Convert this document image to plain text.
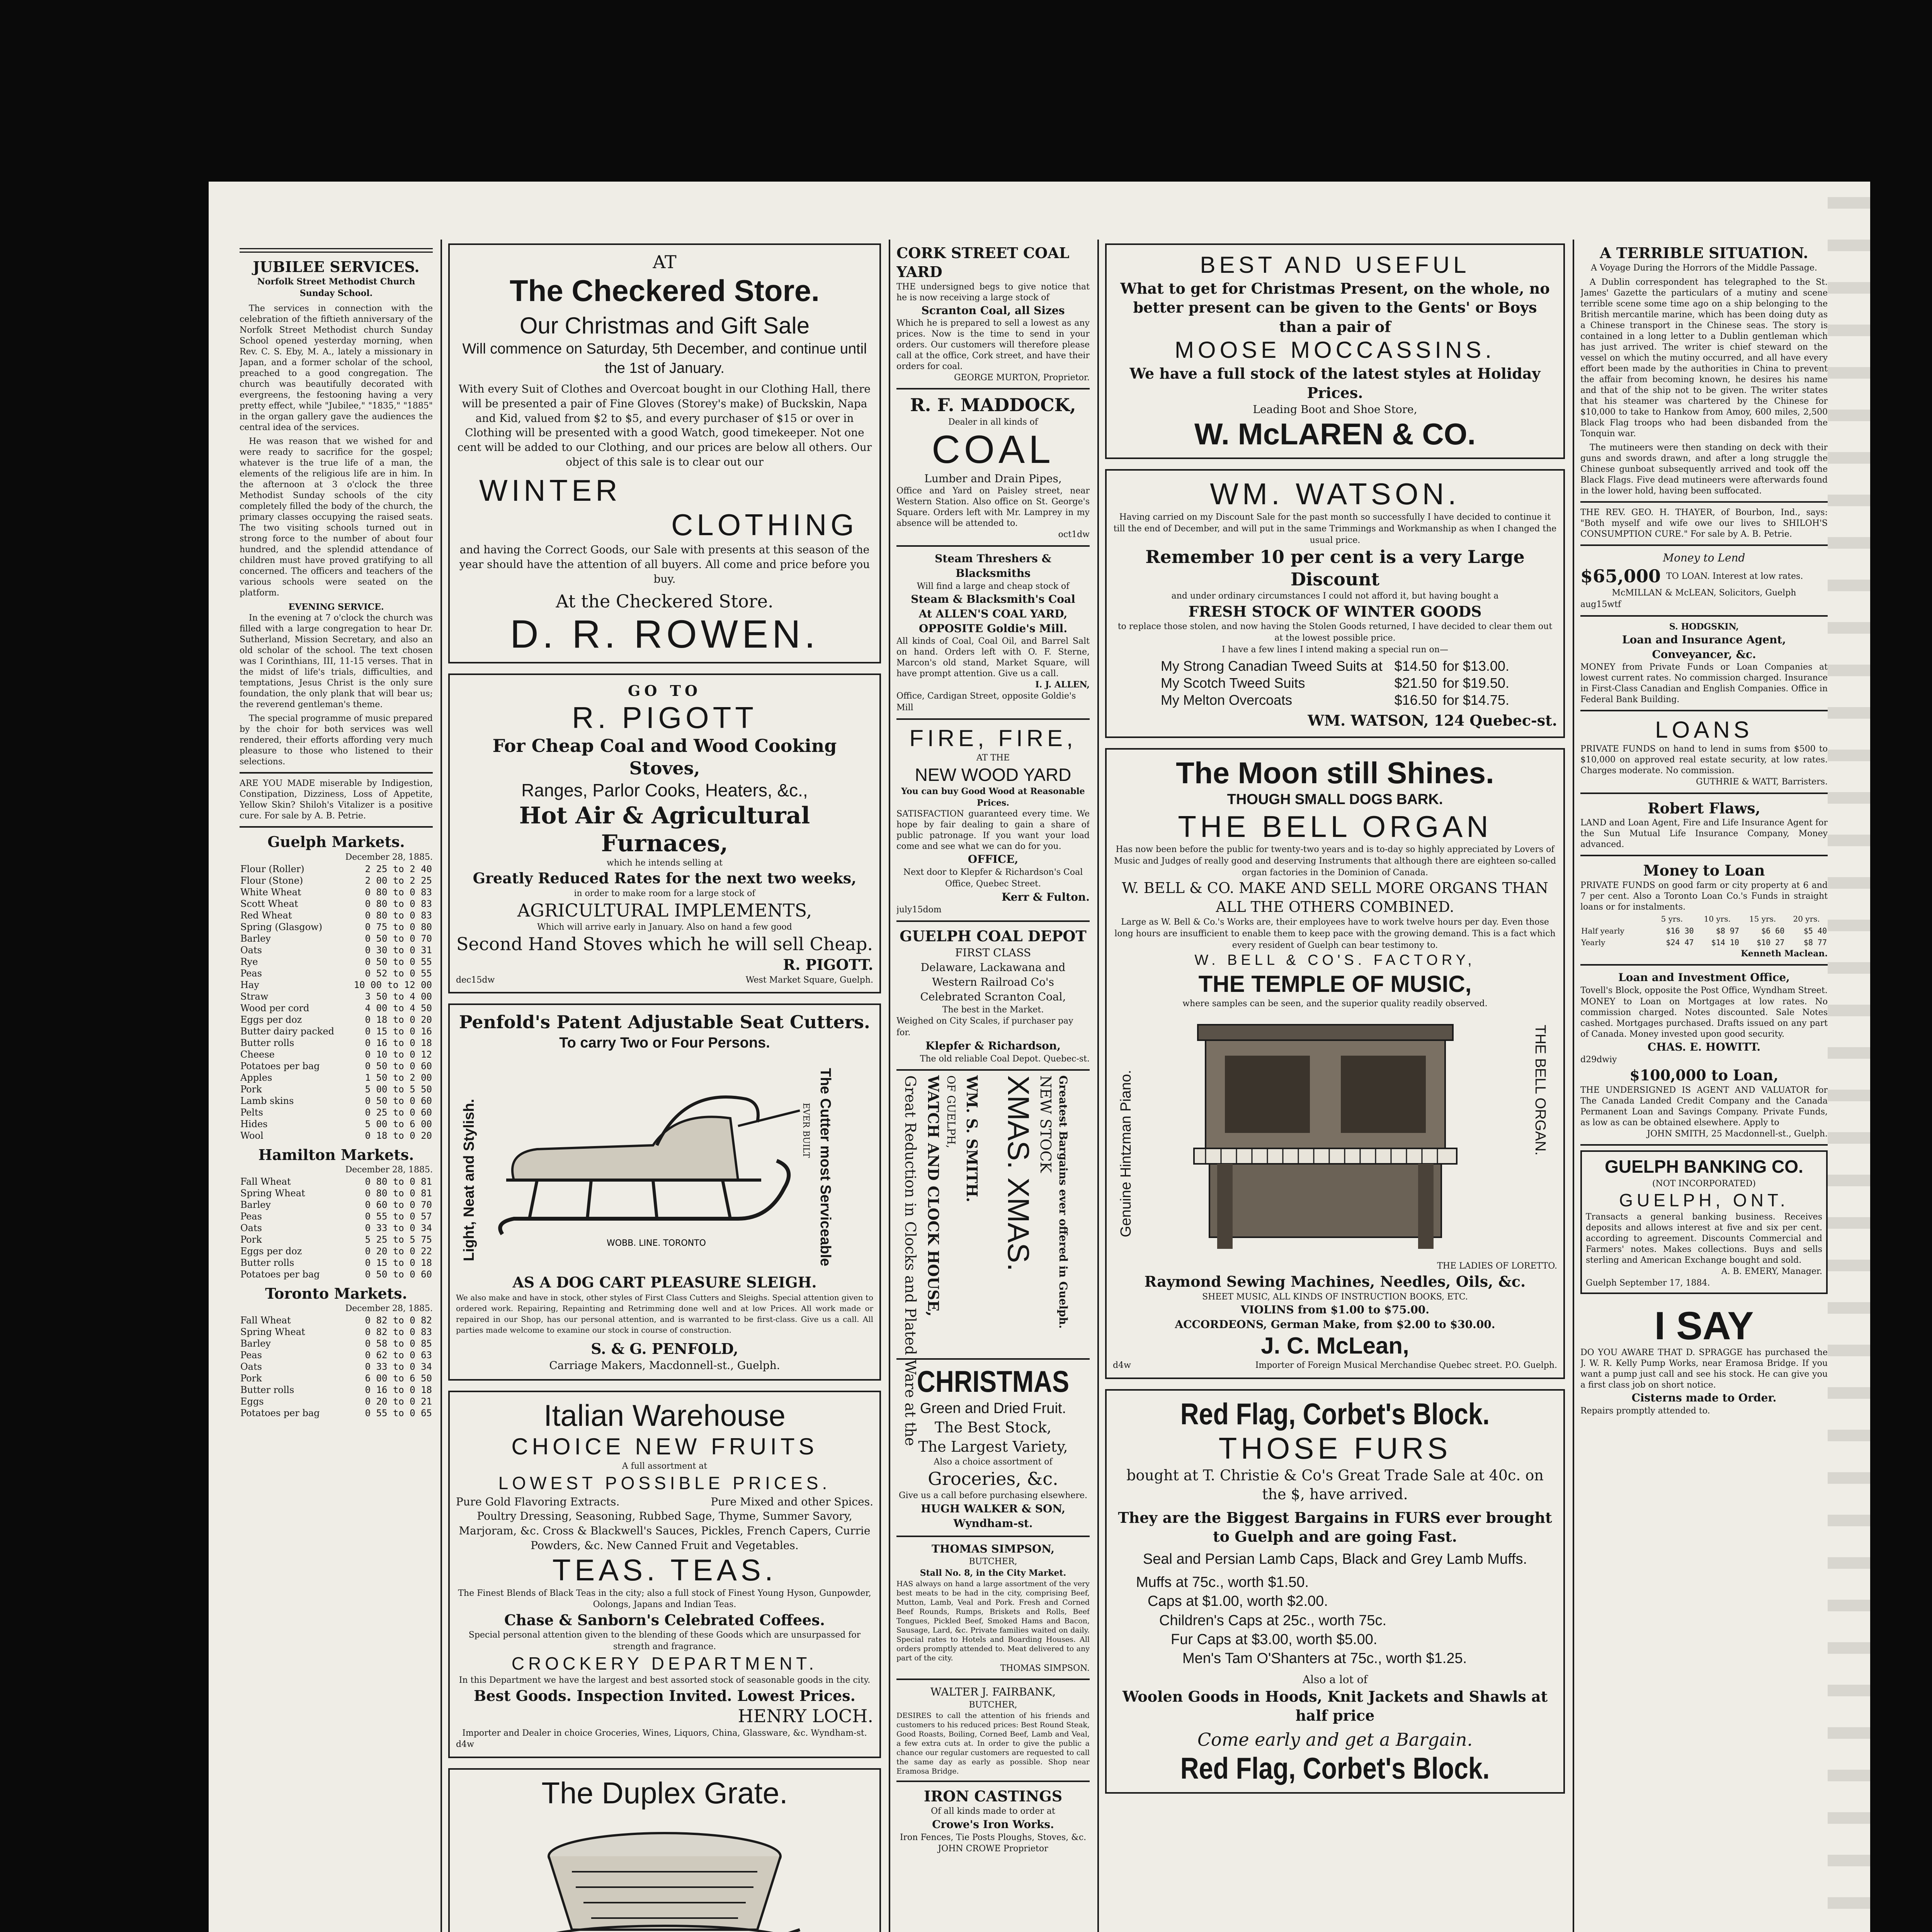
JUBILEE SERVICES.
Norfolk Street Methodist Church Sunday School.

The services in connection with the celebration of the fiftieth anniversary of the Norfolk Street Methodist church Sunday School opened yesterday morning, when Rev. C. S. Eby, M. A., lately a missionary in Japan, and a former scholar of the school, preached to a good congregation. The church was beautifully decorated with evergreens, the festooning having a very pretty effect, while "Jubilee," "1835," "1885" in the organ gallery gave the audiences the central idea of the services.

He was reason that we wished for and were ready to sacrifice for the gospel; whatever is the true life of a man, the elements of the religious life are in him. In the afternoon at 3 o'clock the three Methodist Sunday schools of the city completely filled the body of the church, the primary classes occupying the raised seats. The two visiting schools turned out in strong force to the number of about four hundred, and the splendid attendance of children must have proved gratifying to all concerned. The officers and teachers of the various schools were seated on the platform.

EVENING SERVICE.

In the evening at 7 o'clock the church was filled with a large congregation to hear Dr. Sutherland, Mission Secretary, and also an old scholar of the school. The text chosen was I Corinthians, III, 11-15 verses. That in the midst of life's trials, difficulties, and temptations, Jesus Christ is the only sure foundation, the only plank that will bear us; the reverend gentleman's theme.

The special programme of music prepared by the choir for both services was well rendered, their efforts affording very much pleasure to those who listened to their selections.

ARE YOU MADE miserable by Indigestion, Constipation, Dizziness, Loss of Appetite, Yellow Skin? Shiloh's Vitalizer is a positive cure. For sale by A. B. Petrie.
Guelph Markets.
December 28, 1885.
Flour (Roller)	2 25 to 2 40
Flour (Stone)	2 00 to 2 25
White Wheat	0 80 to 0 83
Scott Wheat	0 80 to 0 83
Red Wheat	0 80 to 0 83
Spring (Glasgow)	0 75 to 0 80
Barley	0 50 to 0 70
Oats	0 30 to 0 31
Rye	0 50 to 0 55
Peas	0 52 to 0 55
Hay	10 00 to 12 00
Straw	3 50 to 4 00
Wood per cord	4 00 to 4 50
Eggs per doz	0 18 to 0 20
Butter dairy packed	0 15 to 0 16
Butter rolls	0 16 to 0 18
Cheese	0 10 to 0 12
Potatoes per bag	0 50 to 0 60
Apples	1 50 to 2 00
Pork	5 00 to 5 50
Lamb skins	0 50 to 0 60
Pelts	0 25 to 0 60
Hides	5 00 to 6 00
Wool	0 18 to 0 20
Hamilton Markets.
December 28, 1885.
Fall Wheat	0 80 to 0 81
Spring Wheat	0 80 to 0 81
Barley	0 60 to 0 70
Peas	0 55 to 0 57
Oats	0 33 to 0 34
Pork	5 25 to 5 75
Eggs per doz	0 20 to 0 22
Butter rolls	0 15 to 0 18
Potatoes per bag	0 50 to 0 60
Toronto Markets.
December 28, 1885.
Fall Wheat	0 82 to 0 82
Spring Wheat	0 82 to 0 83
Barley	0 58 to 0 85
Peas	0 62 to 0 63
Oats	0 33 to 0 34
Pork	6 00 to 6 50
Butter rolls	0 16 to 0 18
Eggs	0 20 to 0 21
Potatoes per bag	0 55 to 0 65
AT
The Checkered Store.
Our Christmas and Gift Sale
Will commence on Saturday, 5th December, and continue until the 1st of January.
With every Suit of Clothes and Overcoat bought in our Clothing Hall, there will be presented a pair of Fine Gloves (Storey's make) of Buckskin, Napa and Kid, valued from $2 to $5, and every purchaser of $15 or over in Clothing will be presented with a good Watch, good timekeeper. Not one cent will be added to our Clothing, and our prices are below all others. Our object of this sale is to clear out our
WINTER
CLOTHING
and having the Correct Goods, our Sale with presents at this season of the year should have the attention of all buyers. All come and price before you buy.
At the Checkered Store.
D. R. ROWEN.
GO TO
R. PIGOTT
For Cheap Coal and Wood Cooking Stoves,
Ranges, Parlor Cooks, Heaters, &c.,
Hot Air & Agricultural Furnaces,
which he intends selling at
Greatly Reduced Rates for the next two weeks,
in order to make room for a large stock of
AGRICULTURAL IMPLEMENTS,
Which will arrive early in January. Also on hand a few good
Second Hand Stoves which he will sell Cheap.
dec15dw
R. PIGOTT.
West Market Square, Guelph.
Penfold's Patent Adjustable Seat Cutters.
To carry Two or Four Persons.
Light, Neat and Stylish.	WOBB. LINE. TORONTO	The Cutter most Serviceable
EVER BUILT
AS A DOG CART PLEASURE SLEIGH.
We also make and have in stock, other styles of First Class Cutters and Sleighs. Special attention given to ordered work. Repairing, Repainting and Retrimming done well and at low Prices. All work made or repaired in our Shop, has our personal attention, and is warranted to be first-class. Give us a call. All parties made welcome to examine our stock in course of construction.
S. & G. PENFOLD,
Carriage Makers, Macdonnell-st., Guelph.
Italian Warehouse
CHOICE NEW FRUITS
A full assortment at
LOWEST POSSIBLE PRICES.
Pure Gold Flavoring Extracts.	Pure Mixed and other Spices.
Poultry Dressing, Seasoning, Rubbed Sage, Thyme, Summer Savory, Marjoram, &c. Cross & Blackwell's Sauces, Pickles, French Capers, Currie Powders, &c. New Canned Fruit and Vegetables.
TEAS. TEAS.
The Finest Blends of Black Teas in the city; also a full stock of Finest Young Hyson, Gunpowder, Oolongs, Japans and Indian Teas.
Chase & Sanborn's Celebrated Coffees.
Special personal attention given to the blending of these Goods which are unsurpassed for strength and fragrance.
CROCKERY DEPARTMENT.
In this Department we have the largest and best assorted stock of seasonable goods in the city.
Best Goods. Inspection Invited. Lowest Prices.
HENRY LOCH.
Importer and Dealer in choice Groceries, Wines, Liquors, China, Glassware, &c. Wyndham-st.
d4w
The Duplex Grate.
CORK STREET COAL YARD
THE undersigned begs to give notice that he is now receiving a large stock of
Scranton Coal, all Sizes
Which he is prepared to sell a lowest as any prices. Now is the time to send in your orders. Our customers will therefore please call at the office, Cork street, and have their orders for coal.
GEORGE MURTON, Proprietor.
R. F. MADDOCK,
Dealer in all kinds of
COAL
Lumber and Drain Pipes,
Office and Yard on Paisley street, near Western Station. Also office on St. George's Square. Orders left with Mr. Lamprey in my absence will be attended to.
oct1dw
Steam Threshers & Blacksmiths
Will find a large and cheap stock of
Steam & Blacksmith's Coal
At ALLEN'S COAL YARD, OPPOSITE Goldie's Mill.
All kinds of Coal, Coal Oil, and Barrel Salt on hand. Orders left with O. F. Sterne, Marcon's old stand, Market Square, will have prompt attention. Give us a call.
I. J. ALLEN,
Office, Cardigan Street, opposite Goldie's Mill
FIRE, FIRE,
AT THE
NEW WOOD YARD
You can buy Good Wood at Reasonable Prices.
SATISFACTION guaranteed every time. We hope by fair dealing to gain a share of public patronage. If you want your load come and see what we can do for you.
OFFICE,
Next door to Klepfer & Richardson's Coal Office, Quebec Street.
Kerr & Fulton.
july15dom
GUELPH COAL DEPOT
FIRST CLASS
Delaware, Lackawana and Western Railroad Co's
Celebrated Scranton Coal,
The best in the Market.
Weighed on City Scales, if purchaser pay for.
Klepfer & Richardson,
The old reliable Coal Depot. Quebec-st.
Great Reduction in Clocks and Plated Ware at the WATCH AND CLOCK HOUSE, OF GUELPH, WM. S. SMITH. XMAS. XMAS. NEW STOCK Greatest Bargains ever offered in Guelph.
CHRISTMAS
Green and Dried Fruit.
The Best Stock,
The Largest Variety,
Also a choice assortment of
Groceries, &c.
Give us a call before purchasing elsewhere.
HUGH WALKER & SON,
Wyndham-st.
THOMAS SIMPSON,
BUTCHER,
Stall No. 8, in the City Market.
HAS always on hand a large assortment of the very best meats to be had in the city, comprising Beef, Mutton, Lamb, Veal and Pork. Fresh and Corned Beef Rounds, Rumps, Briskets and Rolls, Beef Tongues, Pickled Beef, Smoked Hams and Bacon, Sausage, Lard, &c. Private families waited on daily. Special rates to Hotels and Boarding Houses. All orders promptly attended to. Meat delivered to any part of the city.
THOMAS SIMPSON.
WALTER J. FAIRBANK,
BUTCHER,
DESIRES to call the attention of his friends and customers to his reduced prices: Best Round Steak, Good Roasts, Boiling, Corned Beef, Lamb and Veal, a few extra cuts at. In order to give the public a chance our regular customers are requested to call the same day as early as possible. Shop near Eramosa Bridge.
IRON CASTINGS
Of all kinds made to order at
Crowe's Iron Works.
Iron Fences, Tie Posts Ploughs, Stoves, &c.
JOHN CROWE Proprietor
BEST AND USEFUL
What to get for Christmas Present, on the whole, no better present can be given to the Gents' or Boys than a pair of
MOOSE MOCCASSINS.
We have a full stock of the latest styles at Holiday Prices.
Leading Boot and Shoe Store,
W. McLAREN & CO.
WM. WATSON.
Having carried on my Discount Sale for the past month so successfully I have decided to continue it till the end of December, and will put in the same Trimmings and Workmanship as when I changed the usual price.
Remember 10 per cent is a very Large Discount
and under ordinary circumstances I could not afford it, but having bought a
FRESH STOCK OF WINTER GOODS
to replace those stolen, and now having the Stolen Goods returned, I have decided to clear them out at the lowest possible price.
I have a few lines I intend making a special run on—
My Strong Canadian Tweed Suits at	$14.50	for $13.00.
My Scotch Tweed Suits	$21.50	for $19.50.
My Melton Overcoats	$16.50	for $14.75.
WM. WATSON, 124 Quebec-st.
The Moon still Shines.
THOUGH SMALL DOGS BARK.
THE BELL ORGAN
Has now been before the public for twenty-two years and is to-day so highly appreciated by Lovers of Music and Judges of really good and deserving Instruments that although there are eighteen so-called organ factories in the Dominion of Canada.
W. BELL & CO. MAKE AND SELL MORE ORGANS THAN ALL THE OTHERS COMBINED.
Large as W. Bell & Co.'s Works are, their employees have to work twelve hours per day. Even those long hours are insufficient to enable them to keep pace with the growing demand. This is a fact which every resident of Guelph can bear testimony to.
W. BELL & CO'S. FACTORY,
THE TEMPLE OF MUSIC,
where samples can be seen, and the superior quality readily observed.
Genuine Hintzman Piano.	THE BELL ORGAN.
THE LADIES OF LORETTO.
Raymond Sewing Machines, Needles, Oils, &c.
SHEET MUSIC, ALL KINDS OF INSTRUCTION BOOKS, ETC.
VIOLINS from $1.00 to $75.00.
ACCORDEONS, German Make, from $2.00 to $30.00.
J. C. McLean,
d4w	Importer of Foreign Musical Merchandise Quebec street. P.O. Guelph.
Red Flag, Corbet's Block.
THOSE FURS
bought at T. Christie & Co's Great Trade Sale at 40c. on the $, have arrived.
They are the Biggest Bargains in FURS ever brought to Guelph and are going Fast.
Seal and Persian Lamb Caps, Black and Grey Lamb Muffs.
Muffs at 75c., worth $1.50.
Caps at $1.00, worth $2.00.
Children's Caps at 25c., worth 75c.
Fur Caps at $3.00, worth $5.00.
Men's Tam O'Shanters at 75c., worth $1.25.
Also a lot of
Woolen Goods in Hoods, Knit Jackets and Shawls at half price
Come early and get a Bargain.
Red Flag, Corbet's Block.
A TERRIBLE SITUATION.
A Voyage During the Horrors of the Middle Passage.

A Dublin correspondent has telegraphed to the St. James' Gazette the particulars of a mutiny and scene terrible scene some time ago on a ship belonging to the British mercantile marine, which has been doing duty as a Chinese transport in the Chinese seas. The story is contained in a long letter to a Dublin gentleman which has just arrived. The writer is chief steward on the vessel on which the mutiny occurred, and all have every effort been made by the authorities in China to prevent the affair from becoming known, he desires his name and that of the ship not to be given. The writer states that his steamer was chartered by the Chinese for $10,000 to take to Hankow from Amoy, 600 miles, 2,500 Black Flag troops who had been disbanded from the Tonquin war.

The mutineers were then standing on deck with their guns and swords drawn, and after a long struggle the Chinese gunboat subsequently arrived and took off the Black Flags. Five dead mutineers were afterwards found in the lower hold, having been suffocated.

THE REV. GEO. H. THAYER, of Bourbon, Ind., says: "Both myself and wife owe our lives to SHILOH'S CONSUMPTION CURE." For sale by A. B. Petrie.
Money to Lend
$65,000 TO LOAN. Interest at low rates.
McMILLAN & McLEAN, Solicitors, Guelph
aug15wtf
S. HODGSKIN,
Loan and Insurance Agent, Conveyancer, &c.
MONEY from Private Funds or Loan Companies at lowest current rates. No commission charged. Insurance in First-Class Canadian and English Companies. Office in Federal Bank Building.
LOANS
PRIVATE FUNDS on hand to lend in sums from $500 to $10,000 on approved real estate security, at low rates. Charges moderate. No commission.
GUTHRIE & WATT, Barristers.
Robert Flaws,
LAND and Loan Agent, Fire and Life Insurance Agent for the Sun Mutual Life Insurance Company, Money advanced.
Money to Loan
PRIVATE FUNDS on good farm or city property at 6 and 7 per cent. Also a Toronto Loan Co.'s Funds in straight loans or for instalments.
	5 yrs.	10 yrs.	15 yrs.	20 yrs.
Half yearly	$16 30	$8 97	$6 60	$5 40
Yearly	$24 47	$14 10	$10 27	$8 77
Kenneth Maclean.
Loan and Investment Office,
Tovell's Block, opposite the Post Office, Wyndham Street.
MONEY to Loan on Mortgages at low rates. No commission charged. Notes discounted. Sale Notes cashed. Mortgages purchased. Drafts issued on any part of Canada. Money invested upon good security.
CHAS. E. HOWITT.
d29dwiy
$100,000 to Loan,
THE UNDERSIGNED IS AGENT AND VALUATOR for The Canada Landed Credit Company and the Canada Permanent Loan and Savings Company. Private Funds, as low as can be obtained elsewhere. Apply to
JOHN SMITH, 25 Macdonnell-st., Guelph.
GUELPH BANKING CO.
(NOT INCORPORATED)
GUELPH, ONT.
Transacts a general banking business. Receives deposits and allows interest at five and six per cent. according to agreement. Discounts Commercial and Farmers' notes. Makes collections. Buys and sells sterling and American Exchange bought and sold.
A. B. EMERY, Manager.
Guelph September 17, 1884.
I SAY
DO YOU AWARE THAT D. SPRAGGE has purchased the J. W. R. Kelly Pump Works, near Eramosa Bridge. If you want a pump just call and see his stock. He can give you a first class job on short notice.
Cisterns made to Order.
Repairs promptly attended to.
